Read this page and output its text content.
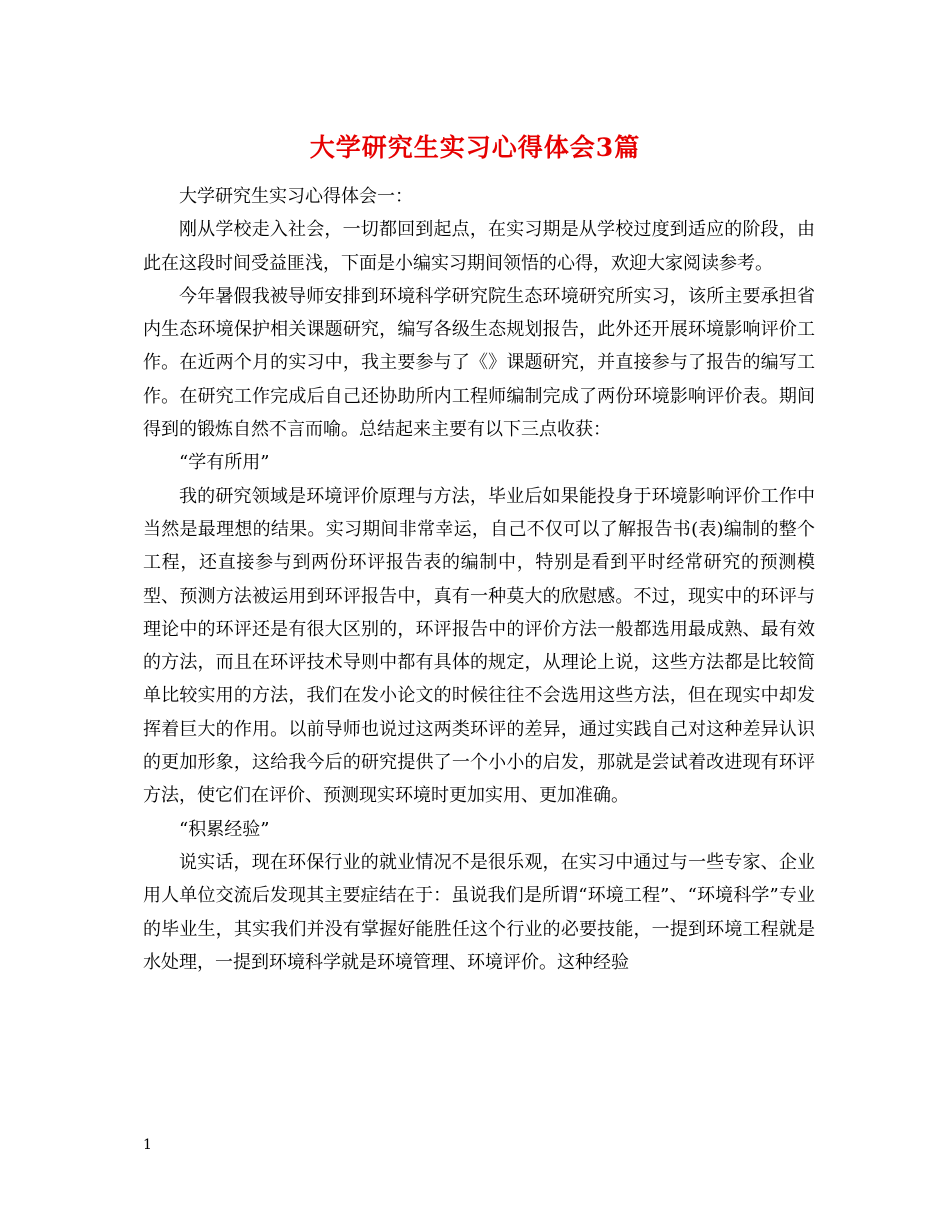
大学研究生实习心得体会3篇

大学研究生实习心得体会一：

刚从学校走入社会，一切都回到起点，在实习期是从学校过度到适应的阶段，由此在这段时间受益匪浅，下面是小编实习期间领悟的心得，欢迎大家阅读参考。

今年暑假我被导师安排到环境科学研究院生态环境研究所实习，该所主要承担省内生态环境保护相关课题研究，编写各级生态规划报告，此外还开展环境影响评价工作。在近两个月的实习中，我主要参与了《》课题研究，并直接参与了报告的编写工作。在研究工作完成后自己还协助所内工程师编制完成了两份环境影响评价表。期间得到的锻炼自然不言而喻。总结起来主要有以下三点收获：

“学有所用”

我的研究领域是环境评价原理与方法，毕业后如果能投身于环境影响评价工作中当然是最理想的结果。实习期间非常幸运，自己不仅可以了解报告书(表)编制的整个工程，还直接参与到两份环评报告表的编制中，特别是看到平时经常研究的预测模型、预测方法被运用到环评报告中，真有一种莫大的欣慰感。不过，现实中的环评与理论中的环评还是有很大区别的，环评报告中的评价方法一般都选用最成熟、最有效的方法，而且在环评技术导则中都有具体的规定，从理论上说，这些方法都是比较简单比较实用的方法，我们在发小论文的时候往往不会选用这些方法，但在现实中却发挥着巨大的作用。以前导师也说过这两类环评的差异，通过实践自己对这种差异认识的更加形象，这给我今后的研究提供了一个小小的启发，那就是尝试着改进现有环评方法，使它们在评价、预测现实环境时更加实用、更加准确。

“积累经验”

说实话，现在环保行业的就业情况不是很乐观，在实习中通过与一些专家、企业用人单位交流后发现其主要症结在于：虽说我们是所谓“环境工程”、“环境科学”专业的毕业生，其实我们并没有掌握好能胜任这个行业的必要技能，一提到环境工程就是水处理，一提到环境科学就是环境管理、环境评价。这种经验

1
